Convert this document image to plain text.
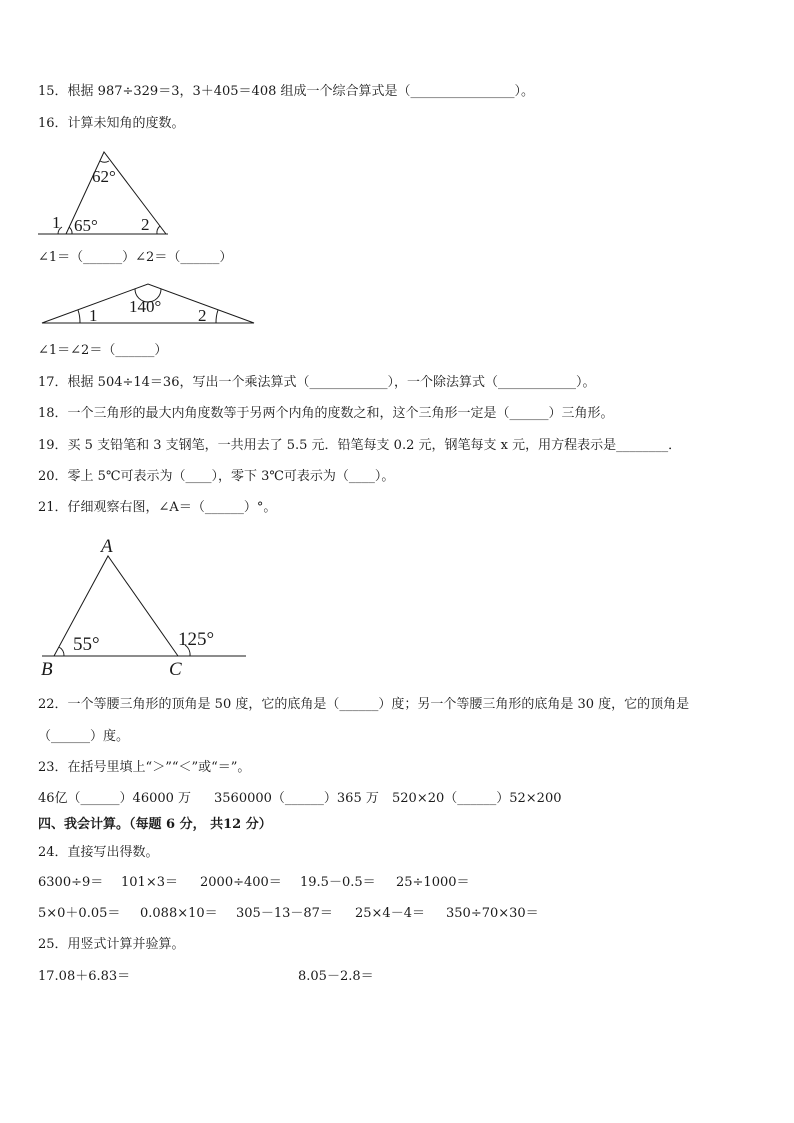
15．根据 987÷329＝3，3＋405＝408 组成一个综合算式是（________________）。
16．计算未知角的度数。
62°
1 65°	2
∠1＝（______）∠2＝（______）
140°
1	2
∠1＝∠2＝（______）
17．根据 504÷14＝36，写出一个乘法算式（____________），一个除法算式（____________）。
18．一个三角形的最大内角度数等于另两个内角的度数之和，这个三角形一定是（______）三角形。
19．买 5 支铅笔和 3 支钢笔，一共用去了 5.5 元．铅笔每支 0.2 元，钢笔每支 x 元，用方程表示是________．
20．零上 5℃可表示为（____），零下 3℃可表示为（____）。
21．仔细观察右图，∠A＝（______）°。
A
B	C
55°	125°
22．一个等腰三角形的顶角是 50 度，它的底角是（______）度；另一个等腰三角形的底角是 30 度，它的顶角是
（______）度。
23．在括号里填上“＞”“＜”或“＝”。
46亿（______）46000 万 3560000（______）365 万 520×20（______）52×200
四、我会计算。（每题 6 分， 共12 分）
24．直接写出得数。
6300÷9＝ 101×3＝ 2000÷400＝ 19.5－0.5＝ 25÷1000＝
5×0＋0.05＝ 0.088×10＝ 305－13－87＝ 25×4－4＝ 350÷70×30＝
25．用竖式计算并验算。
17.08＋6.83＝	8.05－2.8＝
